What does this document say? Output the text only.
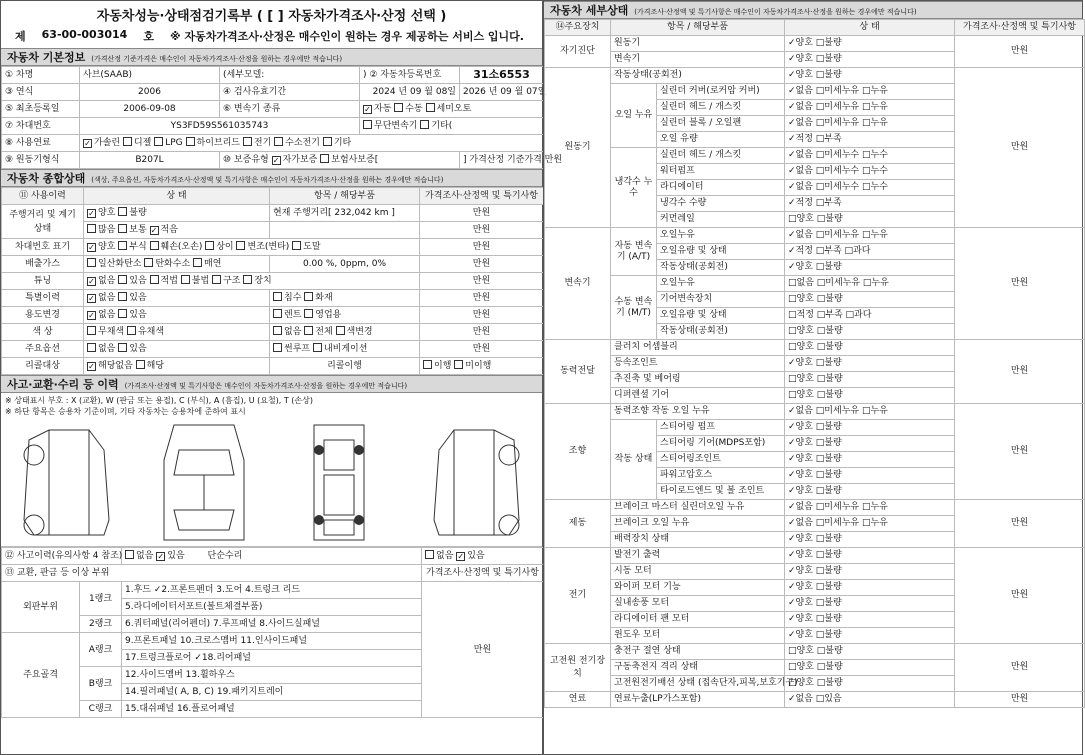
자동차성능·상태점검기록부 ( [ ] 자동차가격조사·산정 선택 )
제 63-00-003014 호 ※ 자동차가격조사·산정은 매수인이 원하는 경우 제공하는 서비스 입니다.
자동차 기본정보 (가격산정 기준가격은 매수인이 자동차가격조사·산정을 원하는 경우에만 적습니다)
① 차명	사브(SAAB)	(세부모델:	) ② 자동차등록번호	31소6553
③ 연식	2006	④ 검사유효기간	2024 년 09 월 08일	2026 년 09 월 07일
⑤ 최초등록일	2006-09-08	⑥ 변속기 종류	✓ 자동 수동 세미오토	
⑦ 차대번호	YS3FD59S561035743		무단변속기 기타(	
⑧ 사용연료	✓ 가솔린 디젤 LPG 하이브리드 전기 수소전기 기타			
⑨ 원동기형식	B207L	⑩ 보증유형 ✓ 자가보증 보험사보증[		] 가격산정 기준가격 만원
자동차 종합상태 (색상, 주요옵션, 자동차가격조사·산정액 및 특기사항은 매수인이 자동차가격조사·산정을 원하는 경우에만 적습니다)
⑪ 사용이력	상 태	항목 / 해당부품	가격조사·산정액 및 특기사항
주행거리 및 계기상태	✓ 양호 불량	현재 주행거리[ 232,042 km ]	만원
	많음 보통 ✓ 적음		만원
차대번호 표기	✓ 양호 부식 훼손(오손) 상이 변조(변타) 도말		만원
배출가스	일산화탄소 탄화수소 매연	0.00 %, 0ppm, 0%	만원
튜닝	✓ 없음 있음 적법 불법 구조 장치		만원
특별이력	✓ 없음 있음	침수 화재	만원
용도변경	✓ 없음 있음	렌트 영업용	만원
색 상	무채색 유채색	없음 전체 색변경	만원
주요옵션	없음 있음	썬루프 내비게이션	만원
리콜대상	✓ 해당없음 해당	리콜이행	이행 미이행
사고·교환·수리 등 이력 (가격조사·산정액 및 특기사항은 매수인이 자동차가격조사·산정을 원하는 경우에만 적습니다)
※ 상태표시 부호 : X (교환), W (판금 또는 용접), C (부식), A (흠집), U (요철), T (손상)
※ 하단 항목은 승용차 기준이며, 기타 자동차는 승용차에 준하여 표시
⑫ 사고이력(유의사항 4 참조)		없음 ✓ 있음 단순수리	없음 ✓ 있음
⑬ 교환, 판금 등 이상 부위			가격조사·산정액 및 특기사항
외판부위	1랭크	1.후드 ✓2.프론트펜더 3.도어 4.트렁크 리드	만원
		5.라디에이터서포트(볼트체결부품)	
	2랭크	6.쿼터패널(리어펜더) 7.루프패널 8.사이드실패널	
주요골격	A랭크	9.프론트패널 10.크로스멤버 11.인사이드패널	
		17.트렁크플로어 ✓18.리어패널	
	B랭크	12.사이드멤버 13.휠하우스	
		14.필러패널( A, B, C) 19.패키지트레이	
	C랭크	15.대쉬패널 16.플로어패널	
자동차 세부상태 (가격조사·산정액 및 특기사항은 매수인이 자동차가격조사·산정을 원하는 경우에만 적습니다)
⑭주요장치	항목 / 해당부품		상 태	가격조사·산정액 및 특기사항
자기진단	원동기		✓양호 □불량	만원
	변속기		✓양호 □불량	
원동기	작동상태(공회전)		✓양호 □불량	만원
	오일 누유	실린더 커버(로커암 커버)	✓없음 □미세누유 □누유	
		실린더 헤드 / 개스킷	✓없음 □미세누유 □누유	
		실린더 블록 / 오일팬	✓없음 □미세누유 □누유	
		오일 유량	✓적정 □부족	
	냉각수 누수	실린더 헤드 / 개스킷	✓없음 □미세누수 □누수	
		워터펌프	✓없음 □미세누수 □누수	
		라디에이터	✓없음 □미세누수 □누수	
		냉각수 수량	✓적정 □부족	
		커먼레일	□양호 □불량	
변속기	자동 변속기 (A/T)	오일누유	✓없음 □미세누유 □누유	만원
		오일유량 및 상태	✓적정 □부족 □과다	
		작동상태(공회전)	✓양호 □불량	
	수동 변속기 (M/T)	오일누유	□없음 □미세누유 □누유	
		기어변속장치	□양호 □불량	
		오일유량 및 상태	□적정 □부족 □과다	
		작동상태(공회전)	□양호 □불량	
동력전달	클러치 어셈블리		□양호 □불량	만원
	등속조인트		✓양호 □불량	
	추진축 및 베어링		□양호 □불량	
	디퍼렌셜 기어		□양호 □불량	
조향	동력조향 작동 오일 누유		✓없음 □미세누유 □누유	만원
	작동 상태	스티어링 펌프	✓양호 □불량	
		스티어링 기어(MDPS포함)	✓양호 □불량	
		스티어링조인트	✓양호 □불량	
		파워고압호스	✓양호 □불량	
		타이로드엔드 및 볼 조인트	✓양호 □불량	
제동	브레이크 마스터 실린더오일 누유		✓없음 □미세누유 □누유	만원
	브레이크 오일 누유		✓없음 □미세누유 □누유	
	배력장치 상태		✓양호 □불량	
전기	발전기 출력		✓양호 □불량	만원
	시동 모터		✓양호 □불량	
	와이퍼 모터 기능		✓양호 □불량	
	실내송풍 모터		✓양호 □불량	
	라디에이터 팬 모터		✓양호 □불량	
	윈도우 모터		✓양호 □불량	
고전원 전기장치	충전구 절연 상태		□양호 □불량	만원
	구동축전지 격리 상태		□양호 □불량	
	고전원전기배선 상태 (접속단자,피복,보호기구)		□양호 □불량	
연료	연료누출(LP가스포함)		✓없음 □있음	만원
